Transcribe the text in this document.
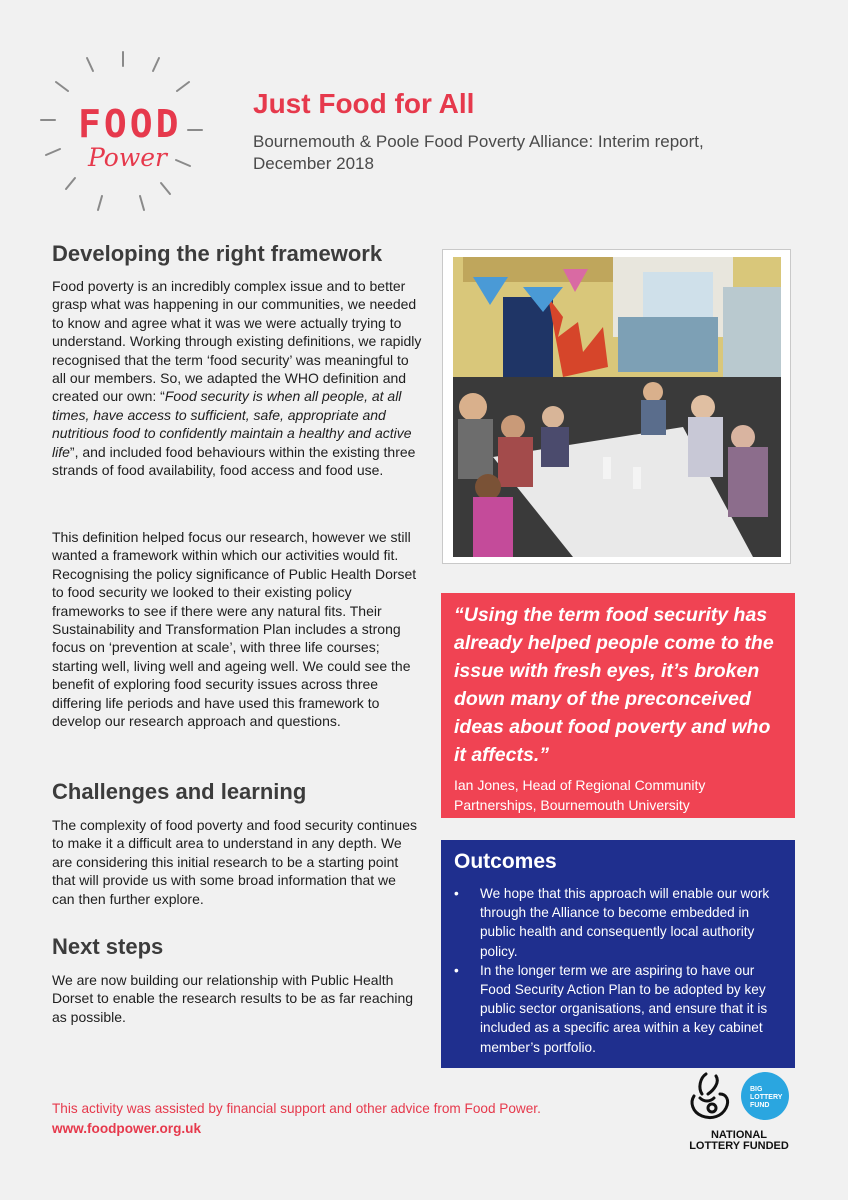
FOOD
Power
Just Food for All

Bournemouth & Poole Food Poverty Alliance: Interim report, December 2018

Developing the right framework

Food poverty is an incredibly complex issue and to better grasp what was happening in our communities, we needed to know and agree what it was we were actually trying to understand. Working through existing definitions, we rapidly recognised that the term ‘food security’ was meaningful to all our members. So, we adapted the WHO definition and created our own: “Food security is when all people, at all times, have access to sufficient, safe, appropriate and nutritious food to confidently maintain a healthy and active life”, and included food behaviours within the existing three strands of food availability, food access and food use.

This definition helped focus our research, however we still wanted a framework within which our activities would fit. Recognising the policy significance of Public Health Dorset to food security we looked to their existing policy frameworks to see if there were any natural fits. Their Sustainability and Transformation Plan includes a strong focus on ‘prevention at scale’, with three life courses; starting well, living well and ageing well. We could see the benefit of exploring food security issues across three differing life periods and have used this framework to develop our research approach and questions.

Challenges and learning

The complexity of food poverty and food security continues to make it a difficult area to understand in any depth. We are considering this initial research to be a starting point that will provide us with some broad information that we can then further explore.

Next steps

We are now building our relationship with Public Health Dorset to enable the research results to be as far reaching as possible.

“Using the term food security has already helped people come to the issue with fresh eyes, it’s broken down many of the preconceived ideas about food poverty and who it affects.”

Ian Jones, Head of Regional Community Partnerships, Bournemouth University

Outcomes
• We hope that this approach will enable our work through the Alliance to become embedded in public health and consequently local authority policy.
• In the longer term we are aspiring to have our Food Security Action Plan to be adopted by key public sector organisations, and ensure that it is included as a specific area within a key cabinet member’s portfolio.
This activity was assisted by financial support and other advice from Food Power.
www.foodpower.org.uk
BIG
LOTTERY
FUND
NATIONAL
LOTTERY FUNDED
